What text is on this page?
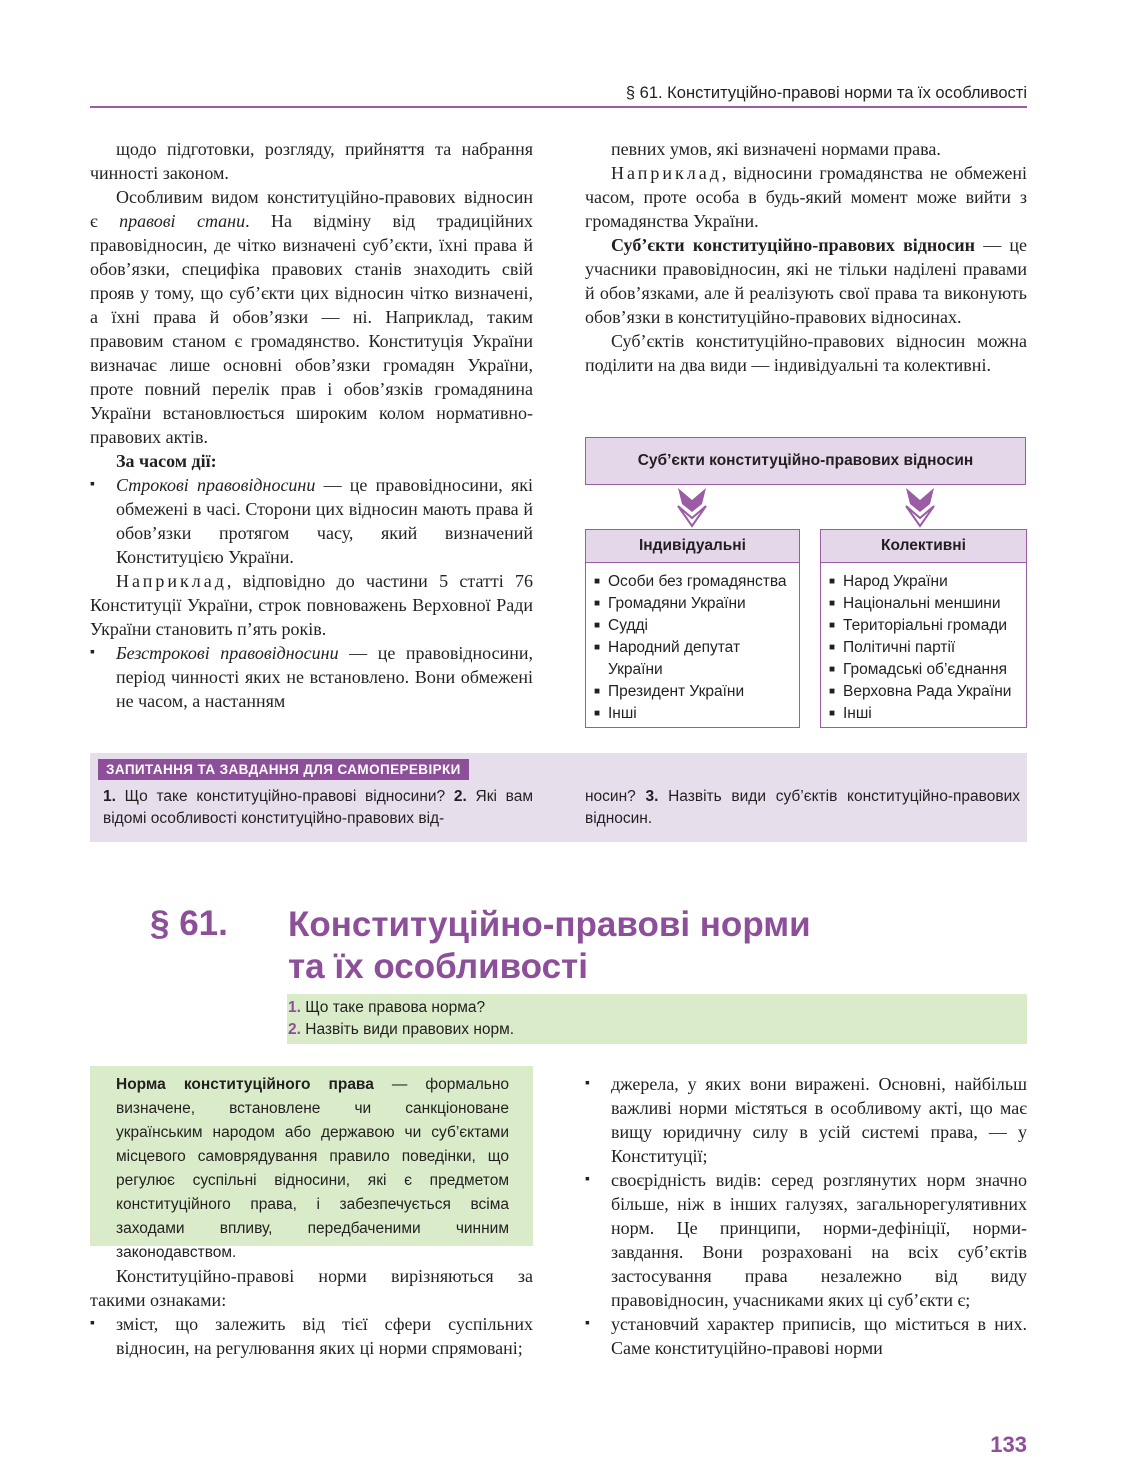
§ 61. Конституційно-правові норми та їх особливості

щодо підготовки, розгляду, прийняття та набрання чинності законом.

Особливим видом конституційно-правових відносин є правові стани. На відміну від традиційних правовідносин, де чітко визначені суб’єкти, їхні права й обов’язки, специфіка правових станів знаходить свій прояв у тому, що суб’єкти цих відносин чітко визначені, а їхні права й обов’язки — ні. Наприклад, таким правовим станом є громадянство. Конституція України визначає лише основні обов’язки громадян України, проте повний перелік прав і обов’язків громадянина України встановлюється широким колом нормативно-правових актів.

За часом дії:

▪ Строкові правовідносини — це правовідносини, які обмежені в часі. Сторони цих відносин мають права й обов’язки протягом часу, який визначений Конституцією України.

Наприклад, відповідно до частини 5 статті 76 Конституції України, строк повноважень Верховної Ради України становить п’ять років.

▪ Безстрокові правовідносини — це правовідносини, період чинності яких не встановлено. Вони обмежені не часом, а настанням

певних умов, які визначені нормами права.

Наприклад, відносини громадянства не обмежені часом, проте особа в будь-який момент може вийти з громадянства України.

Суб’єкти конституційно-правових відносин — це учасники правовідносин, які не тільки наділені правами й обов’язками, але й реалізують свої права та виконують обов’язки в конституційно-правових відносинах.

Суб’єктів конституційно-правових відносин можна поділити на два види — індивідуальні та колективні.

Суб’єкти конституційно-правових відносин
Індивідуальні
■ Особи без громадянства
■ Громадяни України
■ Судді
■ Народний депутат України
■ Президент України
■ Інші
Колективні
■ Народ України
■ Національні меншини
■ Територіальні громади
■ Політичні партії
■ Громадські об’єднання
■ Верховна Рада України
■ Інші
ЗАПИТАННЯ ТА ЗАВДАННЯ ДЛЯ САМОПЕРЕВІРКИ

1. Що таке конституційно-правові відносини? 2. Які вам відомі особливості конституційно-правових від-

носин? 3. Назвіть види суб’єктів конституційно-правових відносин.

§ 61. Конституційно-правові норми
та їх особливості
1. Що таке правова норма?
2. Назвіть види правових норм.
Норма конституційного права — формально визначене, встановлене чи санкціоноване українським народом або державою чи суб’єктами місцевого самоврядування правило поведінки, що регулює суспільні відносини, які є предметом конституційного права, і забезпечується всіма заходами впливу, передбаченими чинним законодавством.

Конституційно-правові норми вирізняються за такими ознаками:

▪ зміст, що залежить від тієї сфери суспільних відносин, на регулювання яких ці норми спрямовані;

▪ джерела, у яких вони виражені. Основні, найбільш важливі норми містяться в особливому акті, що має вищу юридичну силу в усій системі права, — у Конституції;

▪ своєрідність видів: серед розглянутих норм значно більше, ніж в інших галузях, загальнорегулятивних норм. Це принципи, норми-дефініції, норми-завдання. Вони розраховані на всіх суб’єктів застосування права незалежно від виду правовідносин, учасниками яких ці суб’єкти є;

▪ установчий характер приписів, що міститься в них. Саме конституційно-правові норми

133
